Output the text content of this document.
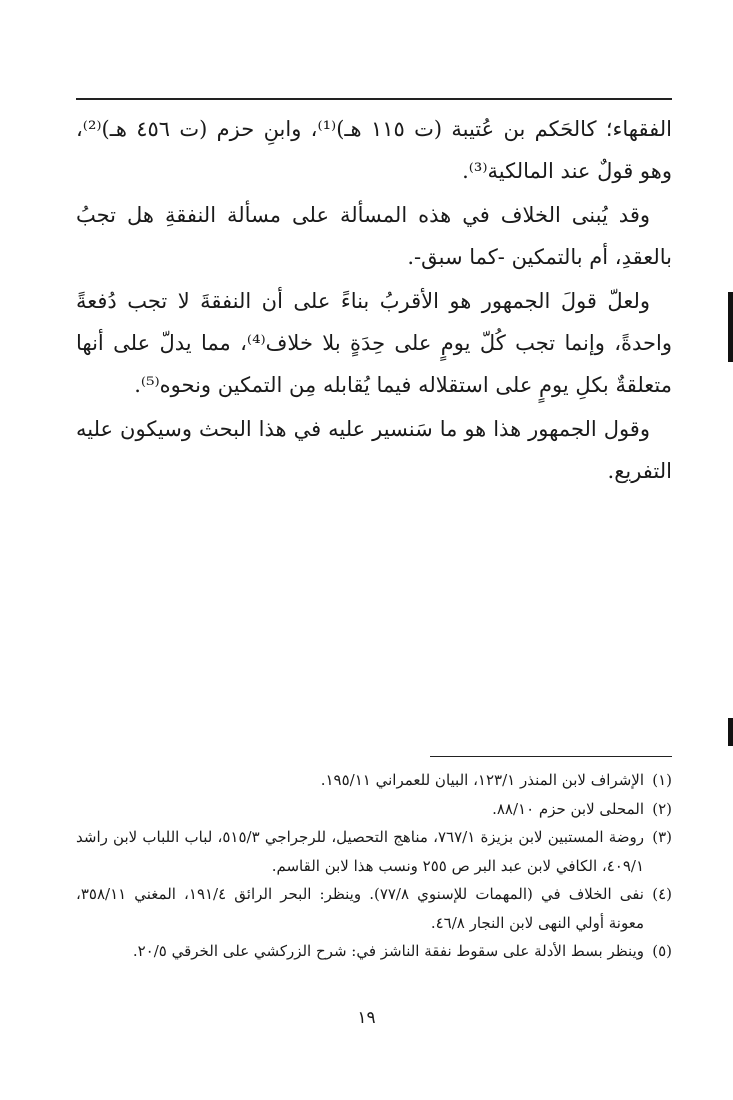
الفقهاء؛ كالحَكم بن عُتيبة (ت ١١٥ هـ)⁽¹⁾، وابنِ حزم (ت ٤٥٦ هـ)⁽²⁾، وهو قولٌ عند المالكية⁽³⁾.

وقد يُبنى الخلاف في هذه المسألة على مسألة النفقةِ هل تجبُ بالعقدِ، أم بالتمكين -كما سبق-.

ولعلّ قولَ الجمهور هو الأقربُ بناءً على أن النفقةَ لا تجب دُفعةً واحدةً، وإنما تجب كُلّ يومٍ على حِدَةٍ بلا خلاف⁽⁴⁾، مما يدلّ على أنها متعلقةٌ بكلِ يومٍ على استقلاله فيما يُقابله مِن التمكين ونحوه⁽⁵⁾.

وقول الجمهور هذا هو ما سَنسير عليه في هذا البحث وسيكون عليه التفريع.

(١)
الإشراف لابن المنذر ١٢٣/١، البيان للعمراني ١٩٥/١١.

(٢)
المحلى لابن حزم ٨٨/١٠.

(٣)
روضة المستبين لابن بزيزة ٧٦٧/١، مناهج التحصيل، للرجراجي ٥١٥/٣، لباب اللباب لابن راشد ٤٠٩/١، الكافي لابن عبد البر ص ٢٥٥ ونسب هذا لابن القاسم.

(٤)
نفى الخلاف في (المهمات للإسنوي ٧٧/٨). وينظر: البحر الرائق ١٩١/٤، المغني ٣٥٨/١١، معونة أولي النهى لابن النجار ٤٦/٨.

(٥)
وينظر بسط الأدلة على سقوط نفقة الناشز في: شرح الزركشي على الخرقي ٢٠/٥.

١٩
